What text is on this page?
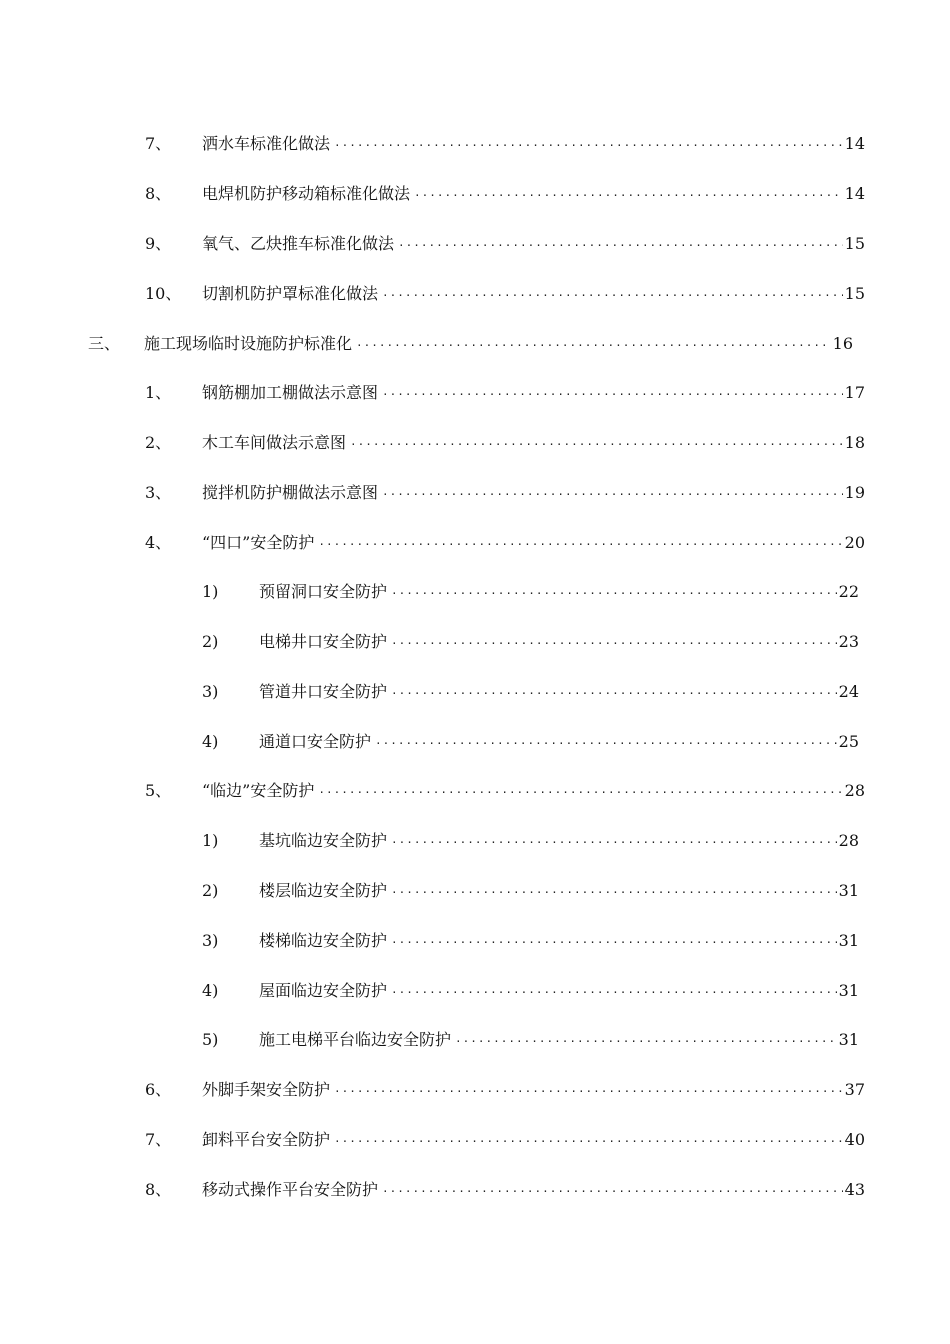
7、	洒水车标准化做法 ·····	14
8、	电焊机防护移动箱标准化做法 ·····	14
9、	氧气、乙炔推车标准化做法 ·····	15
10、	切割机防护罩标准化做法 ·····	15
三、	施工现场临时设施防护标准化 ·····	16
1、	钢筋棚加工棚做法示意图 ·····	17
2、	木工车间做法示意图 ·····	18
3、	搅拌机防护棚做法示意图 ·····	19
4、	“四口”安全防护 ·····	20
1)	预留洞口安全防护 ·····	22
2)	电梯井口安全防护 ·····	23
3)	管道井口安全防护 ·····	24
4)	通道口安全防护 ·····	25
5、	“临边”安全防护 ·····	28
1)	基坑临边安全防护 ·····	28
2)	楼层临边安全防护 ·····	31
3)	楼梯临边安全防护 ·····	31
4)	屋面临边安全防护 ·····	31
5)	施工电梯平台临边安全防护 ·····	31
6、	外脚手架安全防护 ·····	37
7、	卸料平台安全防护 ·····	40
8、	移动式操作平台安全防护 ·····	43
